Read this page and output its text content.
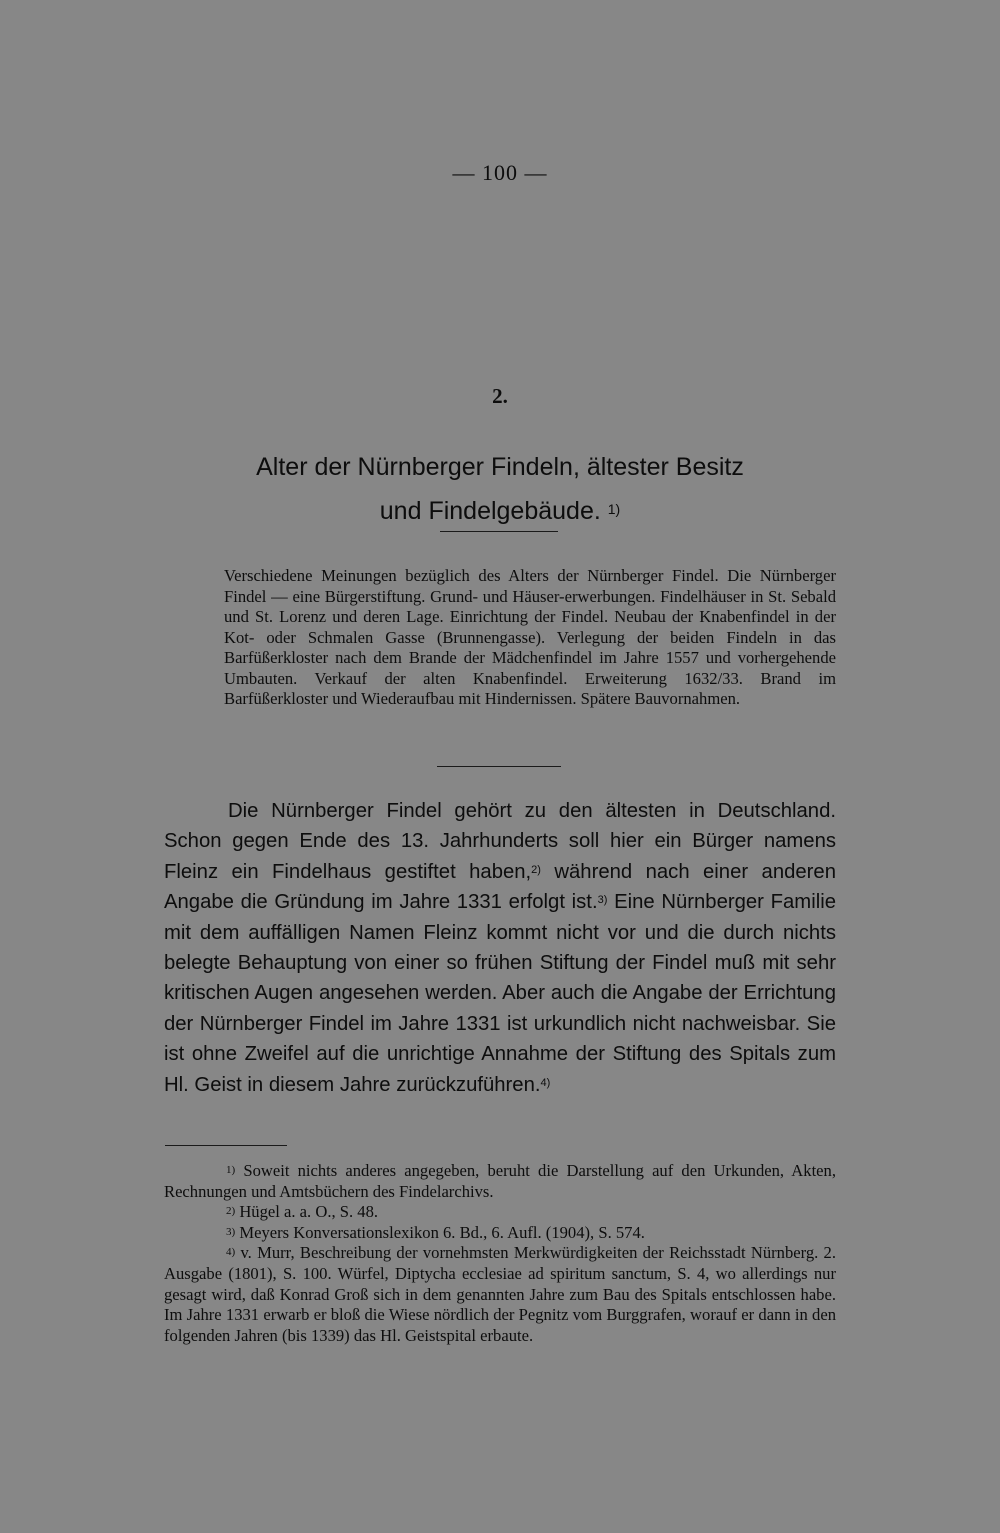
— 100 —
2.
Alter der Nürnberger Findeln, ältester Besitz
und Findelgebäude. $^{1)}$

Verschiedene Meinungen bezüglich des Alters der Nürnberger Findel. Die Nürnberger Findel — eine Bürgerstiftung. Grund- und Häuser-erwerbungen. Findelhäuser in St. Sebald und St. Lorenz und deren Lage. Einrichtung der Findel. Neubau der Knabenfindel in der Kot- oder Schmalen Gasse (Brunnengasse). Verlegung der beiden Findeln in das Barfüßerkloster nach dem Brande der Mädchenfindel im Jahre 1557 und vorhergehende Umbauten. Verkauf der alten Knabenfindel. Erweiterung 1632/33. Brand im Barfüßerkloster und Wiederaufbau mit Hindernissen. Spätere Bauvornahmen.

Die Nürnberger Findel gehört zu den ältesten in Deutschland. Schon gegen Ende des 13. Jahrhunderts soll hier ein Bürger namens Fleinz ein Findelhaus gestiftet haben,$^{2)}$ während nach einer anderen Angabe die Gründung im Jahre 1331 erfolgt ist.$^{3)}$ Eine Nürnberger Familie mit dem auffälligen Namen Fleinz kommt nicht vor und die durch nichts belegte Behauptung von einer so frühen Stiftung der Findel muß mit sehr kritischen Augen angesehen werden. Aber auch die Angabe der Errichtung der Nürnberger Findel im Jahre 1331 ist urkundlich nicht nachweisbar. Sie ist ohne Zweifel auf die unrichtige Annahme der Stiftung des Spitals zum Hl. Geist in diesem Jahre zurückzuführen.$^{4)}$

$^{1)}$ Soweit nichts anderes angegeben, beruht die Darstellung auf den Urkunden, Akten, Rechnungen und Amtsbüchern des Findelarchivs.

$^{2)}$ Hügel a. a. O., S. 48.

$^{3)}$ Meyers Konversationslexikon 6. Bd., 6. Aufl. (1904), S. 574.

$^{4)}$ v. Murr, Beschreibung der vornehmsten Merkwürdigkeiten der Reichsstadt Nürnberg. 2. Ausgabe (1801), S. 100. Würfel, Diptycha ecclesiae ad spiritum sanctum, S. 4, wo allerdings nur gesagt wird, daß Konrad Groß sich in dem genannten Jahre zum Bau des Spitals entschlossen habe. Im Jahre 1331 erwarb er bloß die Wiese nördlich der Pegnitz vom Burggrafen, worauf er dann in den folgenden Jahren (bis 1339) das Hl. Geistspital erbaute.
